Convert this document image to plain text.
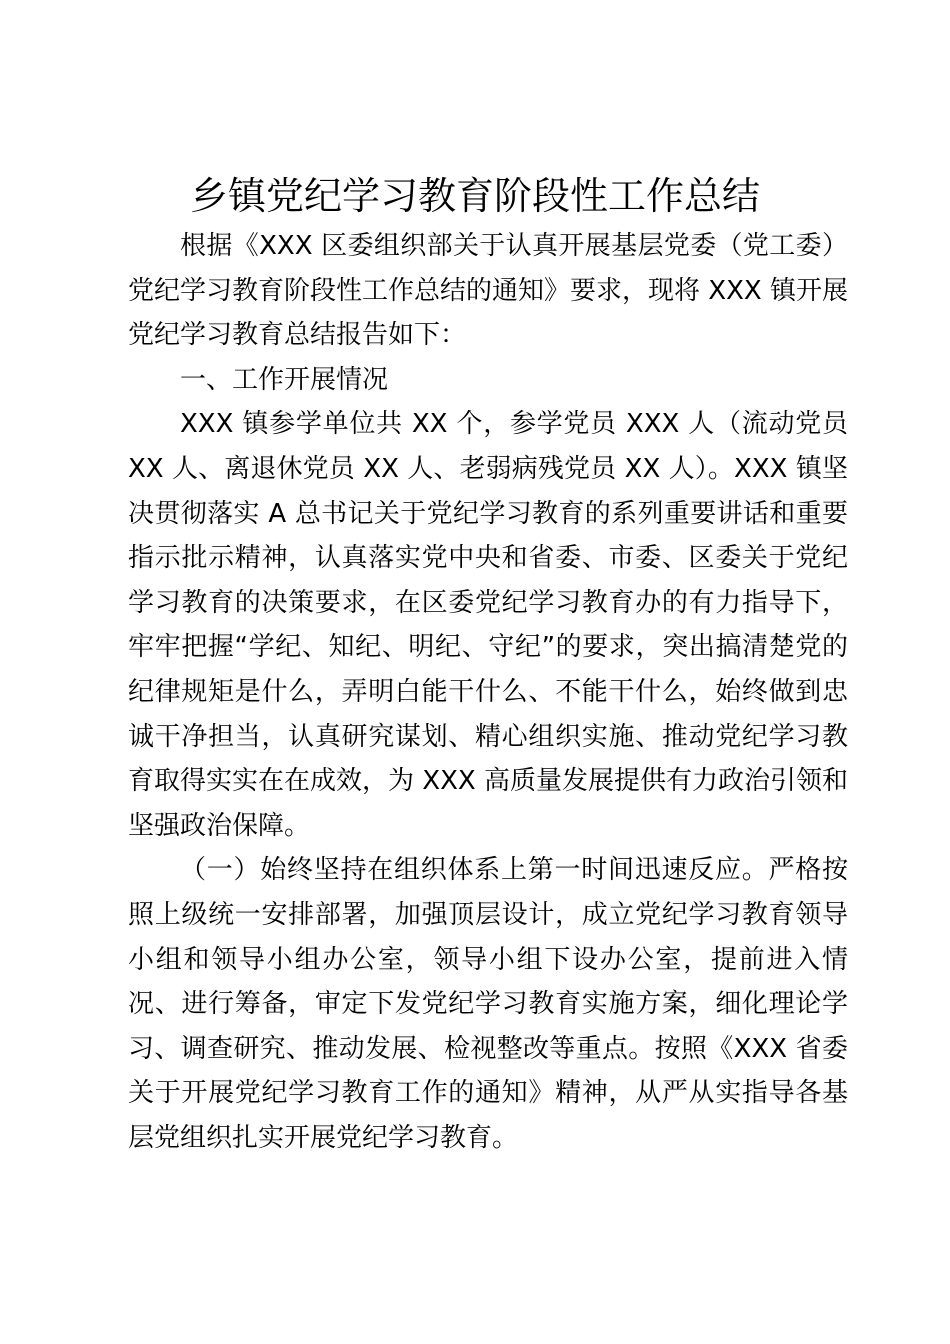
乡镇党纪学习教育阶段性工作总结

根据《XXX 区委组织部关于认真开展基层党委（党工委）党纪学习教育阶段性工作总结的通知》要求，现将 XXX 镇开展党纪学习教育总结报告如下：

一、工作开展情况

XXX 镇参学单位共 XX 个，参学党员 XXX 人（流动党员 XX 人、离退休党员 XX 人、老弱病残党员 XX 人）。XXX 镇坚决贯彻落实 A 总书记关于党纪学习教育的系列重要讲话和重要指示批示精神，认真落实党中央和省委、市委、区委关于党纪学习教育的决策要求，在区委党纪学习教育办的有力指导下，牢牢把握“学纪、知纪、明纪、守纪”的要求，突出搞清楚党的纪律规矩是什么，弄明白能干什么、不能干什么，始终做到忠诚干净担当，认真研究谋划、精心组织实施、推动党纪学习教育取得实实在在成效，为 XXX 高质量发展提供有力政治引领和坚强政治保障。

（一）始终坚持在组织体系上第一时间迅速反应。严格按照上级统一安排部署，加强顶层设计，成立党纪学习教育领导小组和领导小组办公室，领导小组下设办公室，提前进入情况、进行筹备，审定下发党纪学习教育实施方案，细化理论学习、调查研究、推动发展、检视整改等重点。按照《XXX 省委关于开展党纪学习教育工作的通知》精神，从严从实指导各基层党组织扎实开展党纪学习教育。
